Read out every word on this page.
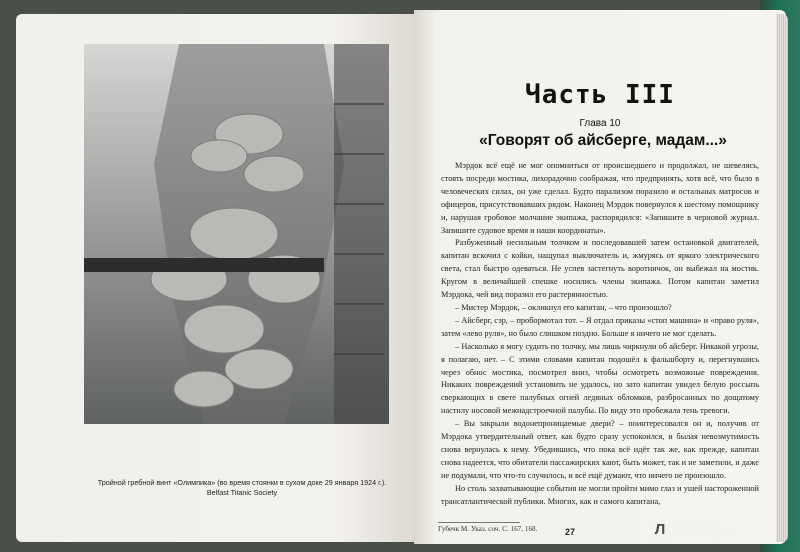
Тройной гребной винт «Олимпика» (во время стоянки в сухом доке 29 января 1924 г.).
Belfast Titanic Society
Часть III
Глава 10
«Говорят об айсберге, мадам...»

Мэрдок всё ещё не мог опомниться от происшедшего и продолжал, не шевелясь, стоять посреди мостика, лихорадочно соображая, что предпринять, хотя всё, что было в человеческих силах, он уже сделал. Будто парализом поразило и остальных матросов и офицеров, присутствовавших рядом. Наконец Мэрдок повернулся к шестому помощнику и, нарушая гробовое молчание экипажа, распорядился: «Запишите в черновой журнал. Запишите судовое время и наши координаты».

Разбуженный несильным толчком и последовавшей затем остановкой двигателей, капитан вскочил с койки, нащупал выключатель и, жмурясь от яркого электрического света, стал быстро одеваться. Не успев застегнуть воротничок, он выбежал на мостик. Кругом в величайшей спешке носились члены экипажа. Потом капитан заметил Мэрдока, чей вид поразил его растерянностью.

– Мистер Мэрдок, – окликнул его капитан, – что произошло?

– Айсберг, сэр, – пробормотал тот. – Я отдал приказы «стоп машина» и «право руля», затем «лево руля», но было слишком поздно. Больше я ничего не мог сделать.

– Насколько я могу судить по толчку, мы лишь чиркнули об айсберг. Никакой угрозы, я полагаю, нет. – С этими словами капитан подошёл к фальшборту и, перегнувшись через обнос мостика, посмотрел вниз, чтобы осмотреть возможные повреждения. Никаких повреждений установить не удалось, но зато капитан увидел белую россыпь сверкающих в свете палубных огней ледяных обломков, разбросанных по дощатому настилу носовой межнадстроечной палубы. По виду это пробежала тень тревоги.

– Вы закрыли водонепроницаемые двери? – поинтересовался он и, получив от Мэрдока утвердительный ответ, как будто сразу успокоился, и былая невозмутимость снова вернулась к нему. Убедившись, что пока всё идёт так же, как прежде, капитан снова надеется, что обитатели пассажирских кают, быть может, так и не заметили, и даже не подумали, что что-то случилось, и всё ещё думают, что ничего не произошло.

Но столь захватывающие события не могли пройти мимо глаз и ушей настороженной трансатлантической публики. Многих, как и самого капитана,

Губечк М. Указ. соч. С. 167, 168.	27	Л Лабиринт
